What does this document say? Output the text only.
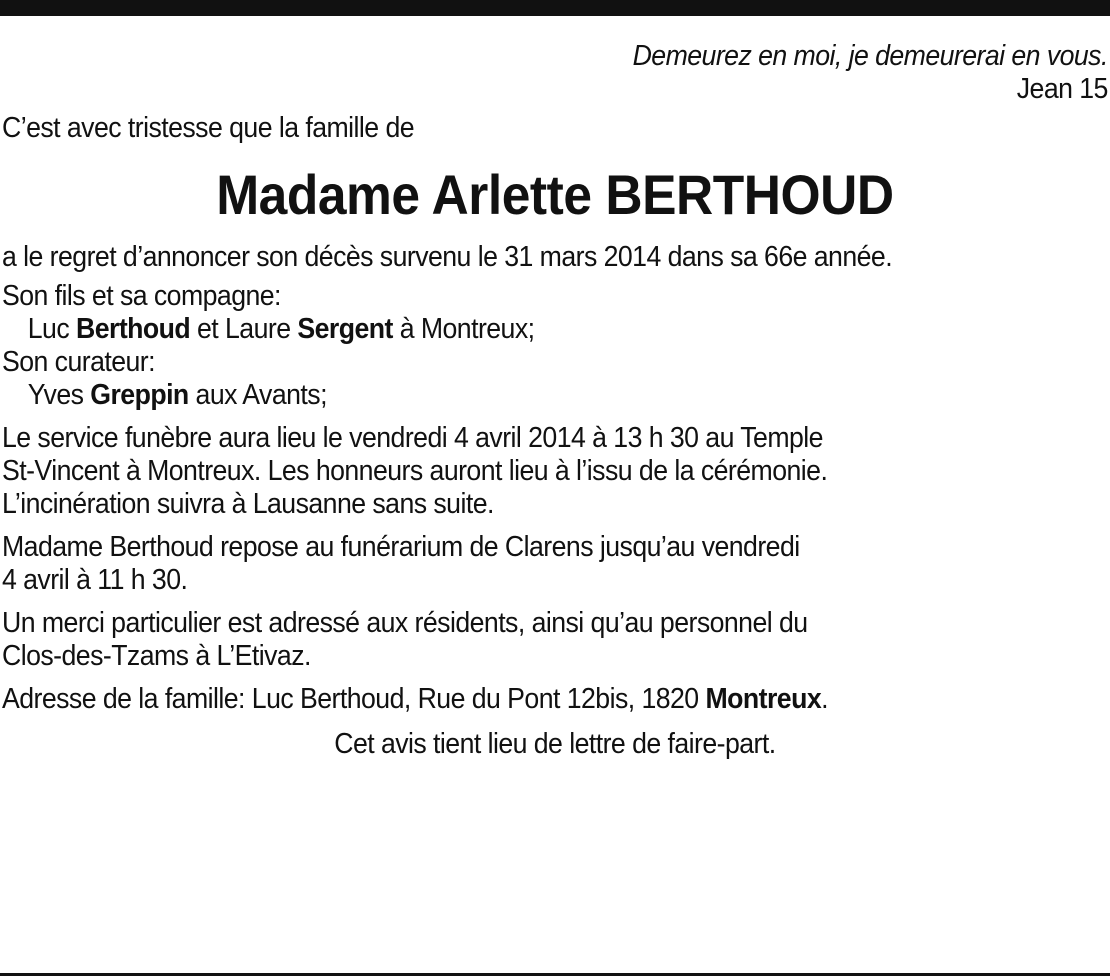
Demeurez en moi, je demeurerai en vous.
Jean 15
C’est avec tristesse que la famille de
Madame Arlette BERTHOUD
a le regret d’annoncer son décès survenu le 31 mars 2014 dans sa 66e année.
Son fils et sa compagne:
Luc Berthoud et Laure Sergent à Montreux;
Son curateur:
Yves Greppin aux Avants;
Le service funèbre aura lieu le vendredi 4 avril 2014 à 13 h 30 au Temple
St-Vincent à Montreux. Les honneurs auront lieu à l’issu de la cérémonie.
L’incinération suivra à Lausanne sans suite.
Madame Berthoud repose au funérarium de Clarens jusqu’au vendredi
4 avril à 11 h 30.
Un merci particulier est adressé aux résidents, ainsi qu’au personnel du
Clos-des-Tzams à L’Etivaz.
Adresse de la famille: Luc Berthoud, Rue du Pont 12bis, 1820 Montreux.
Cet avis tient lieu de lettre de faire-part.
